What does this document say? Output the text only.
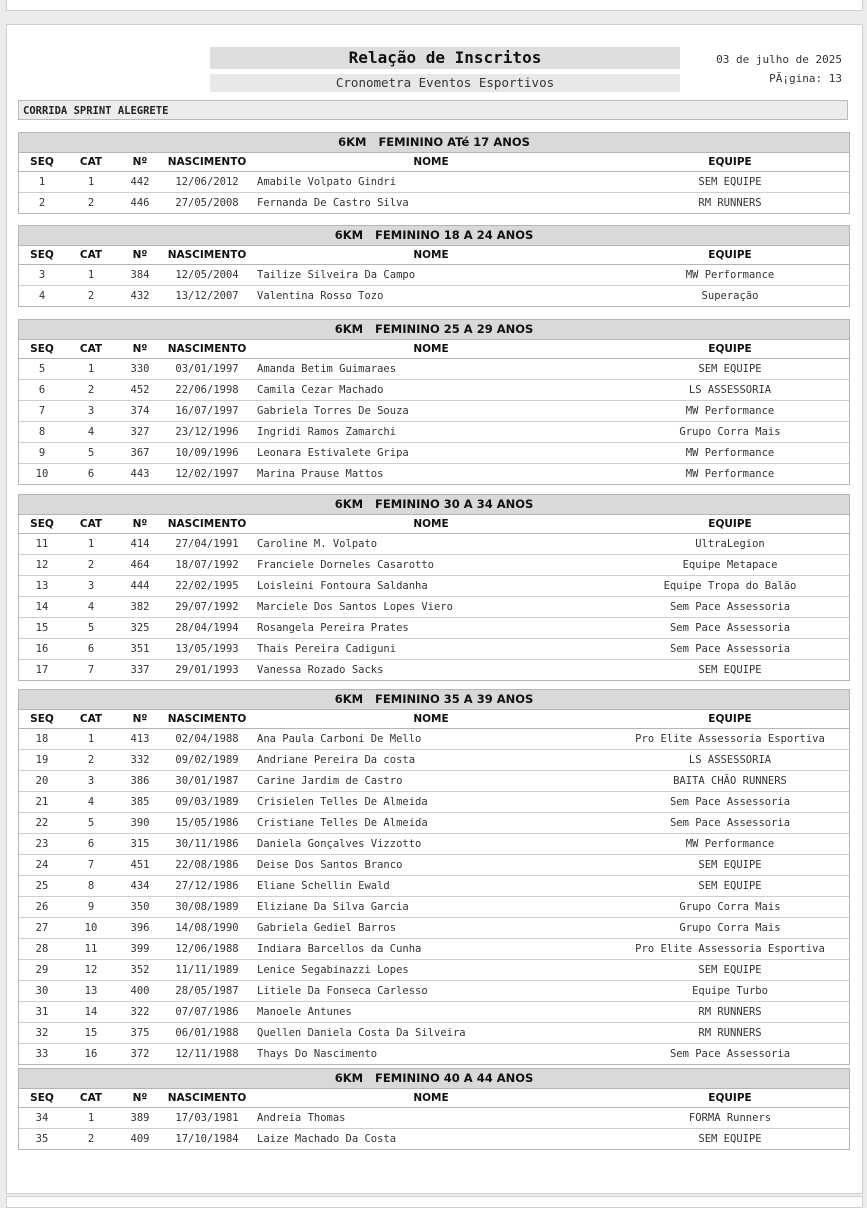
Relação de Inscritos
Cronometra Eventos Esportivos
03 de julho de 2025
PÃ¡gina: 13
CORRIDA SPRINT ALEGRETE
6KM FEMININO ATé 17 ANOS
SEQ	CAT	Nº	NASCIMENTO	NOME	EQUIPE
1	1	442	12/06/2012	Amabile Volpato Gindri	SEM EQUIPE
2	2	446	27/05/2008	Fernanda De Castro Silva	RM RUNNERS
6KM FEMININO 18 A 24 ANOS
SEQ	CAT	Nº	NASCIMENTO	NOME	EQUIPE
3	1	384	12/05/2004	Tailize Silveira Da Campo	MW Performance
4	2	432	13/12/2007	Valentina Rosso Tozo	Superação
6KM FEMININO 25 A 29 ANOS
SEQ	CAT	Nº	NASCIMENTO	NOME	EQUIPE
5	1	330	03/01/1997	Amanda Betim Guimaraes	SEM EQUIPE
6	2	452	22/06/1998	Camila Cezar Machado	LS ASSESSORIA
7	3	374	16/07/1997	Gabriela Torres De Souza	MW Performance
8	4	327	23/12/1996	Ingridi Ramos Zamarchi	Grupo Corra Mais
9	5	367	10/09/1996	Leonara Estivalete Gripa	MW Performance
10	6	443	12/02/1997	Marina Prause Mattos	MW Performance
6KM FEMININO 30 A 34 ANOS
SEQ	CAT	Nº	NASCIMENTO	NOME	EQUIPE
11	1	414	27/04/1991	Caroline M. Volpato	UltraLegion
12	2	464	18/07/1992	Franciele Dorneles Casarotto	Equipe Metapace
13	3	444	22/02/1995	Loisleini Fontoura Saldanha	Equipe Tropa do Balão
14	4	382	29/07/1992	Marciele Dos Santos Lopes Viero	Sem Pace Assessoria
15	5	325	28/04/1994	Rosangela Pereira Prates	Sem Pace Assessoria
16	6	351	13/05/1993	Thais Pereira Cadiguni	Sem Pace Assessoria
17	7	337	29/01/1993	Vanessa Rozado Sacks	SEM EQUIPE
6KM FEMININO 35 A 39 ANOS
SEQ	CAT	Nº	NASCIMENTO	NOME	EQUIPE
18	1	413	02/04/1988	Ana Paula Carboni De Mello	Pro Elite Assessoria Esportiva
19	2	332	09/02/1989	Andriane Pereira Da costa	LS ASSESSORIA
20	3	386	30/01/1987	Carine Jardim de Castro	BAITA CHÃO RUNNERS
21	4	385	09/03/1989	Crisielen Telles De Almeida	Sem Pace Assessoria
22	5	390	15/05/1986	Cristiane Telles De Almeida	Sem Pace Assessoria
23	6	315	30/11/1986	Daniela Gonçalves Vizzotto	MW Performance
24	7	451	22/08/1986	Deise Dos Santos Branco	SEM EQUIPE
25	8	434	27/12/1986	Eliane Schellin Ewald	SEM EQUIPE
26	9	350	30/08/1989	Eliziane Da Silva Garcia	Grupo Corra Mais
27	10	396	14/08/1990	Gabriela Gediel Barros	Grupo Corra Mais
28	11	399	12/06/1988	Indiara Barcellos da Cunha	Pro Elite Assessoria Esportiva
29	12	352	11/11/1989	Lenice Segabinazzi Lopes	SEM EQUIPE
30	13	400	28/05/1987	Litiele Da Fonseca Carlesso	Equipe Turbo
31	14	322	07/07/1986	Manoele Antunes	RM RUNNERS
32	15	375	06/01/1988	Quellen Daniela Costa Da Silveira	RM RUNNERS
33	16	372	12/11/1988	Thays Do Nascimento	Sem Pace Assessoria
6KM FEMININO 40 A 44 ANOS
SEQ	CAT	Nº	NASCIMENTO	NOME	EQUIPE
34	1	389	17/03/1981	Andreia Thomas	FORMA Runners
35	2	409	17/10/1984	Laize Machado Da Costa	SEM EQUIPE
